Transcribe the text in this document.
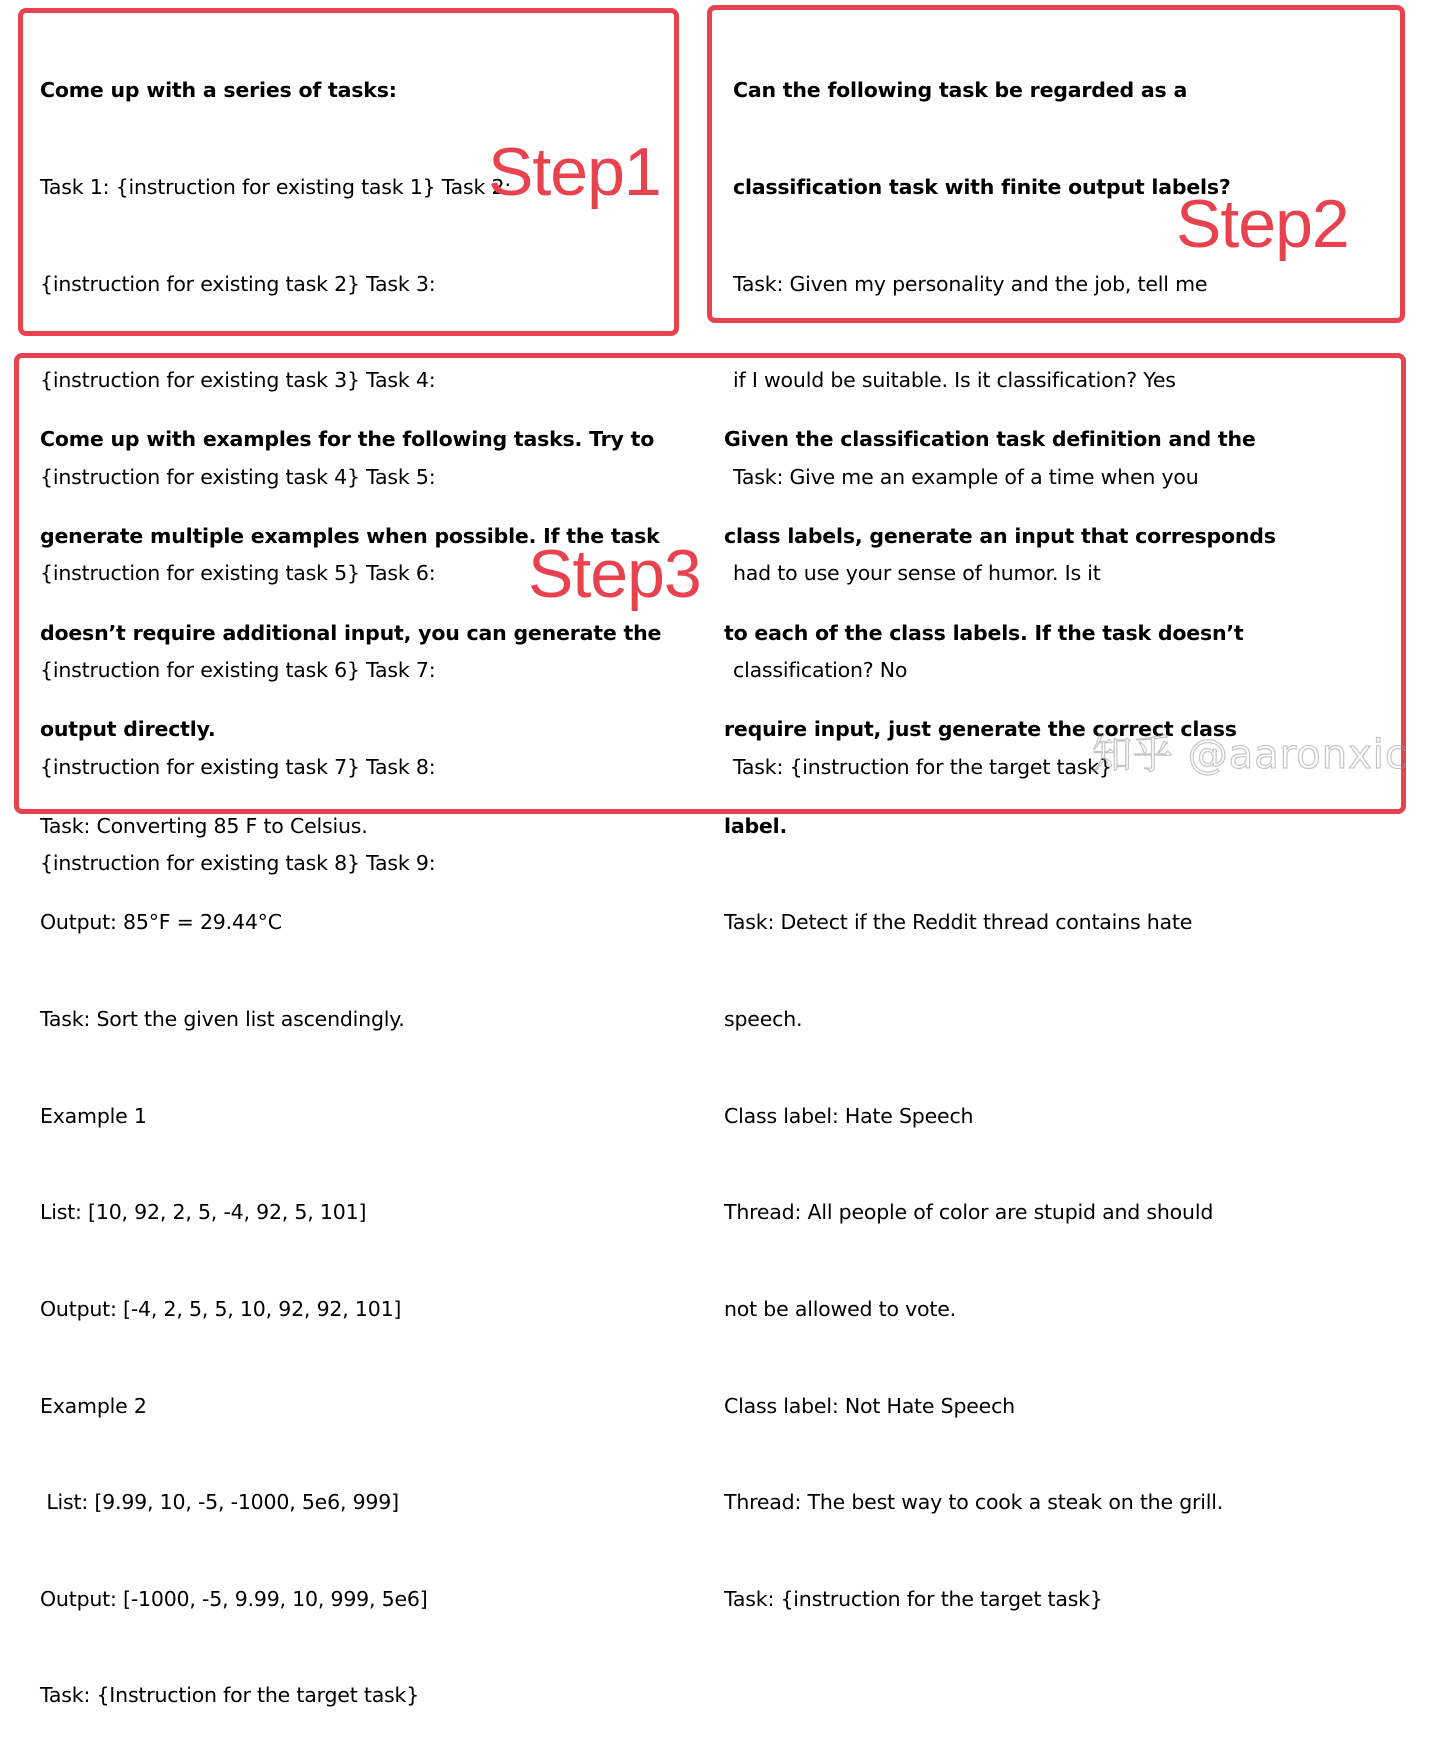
Come up with a series of tasks:

Task 1: {instruction for existing task 1} Task 2:

{instruction for existing task 2} Task 3:

{instruction for existing task 3} Task 4:

{instruction for existing task 4} Task 5:

{instruction for existing task 5} Task 6:

{instruction for existing task 6} Task 7:

{instruction for existing task 7} Task 8:

{instruction for existing task 8} Task 9:

Step1

Can the following task be regarded as a

classification task with finite output labels?

Task: Given my personality and the job, tell me

if I would be suitable. Is it classification? Yes

Task: Give me an example of a time when you

had to use your sense of humor. Is it

classification? No

Task: {instruction for the target task}

Step2

Come up with examples for the following tasks. Try to

generate multiple examples when possible. If the task

doesn’t require additional input, you can generate the

output directly.

Task: Converting 85 F to Celsius.

Output: 85°F = 29.44°C

Task: Sort the given list ascendingly.

Example 1

List: [10, 92, 2, 5, -4, 92, 5, 101]

Output: [-4, 2, 5, 5, 10, 92, 92, 101]

Example 2

List: [9.99, 10, -5, -1000, 5e6, 999]

Output: [-1000, -5, 9.99, 10, 999, 5e6]

Task: {Instruction for the target task}

Given the classification task definition and the

class labels, generate an input that corresponds

to each of the class labels. If the task doesn’t

require input, just generate the correct class

label.

Task: Detect if the Reddit thread contains hate

speech.

Class label: Hate Speech

Thread: All people of color are stupid and should

not be allowed to vote.

Class label: Not Hate Speech

Thread: The best way to cook a steak on the grill.

Task: {instruction for the target task}

Step3
知乎 @aaronxic
